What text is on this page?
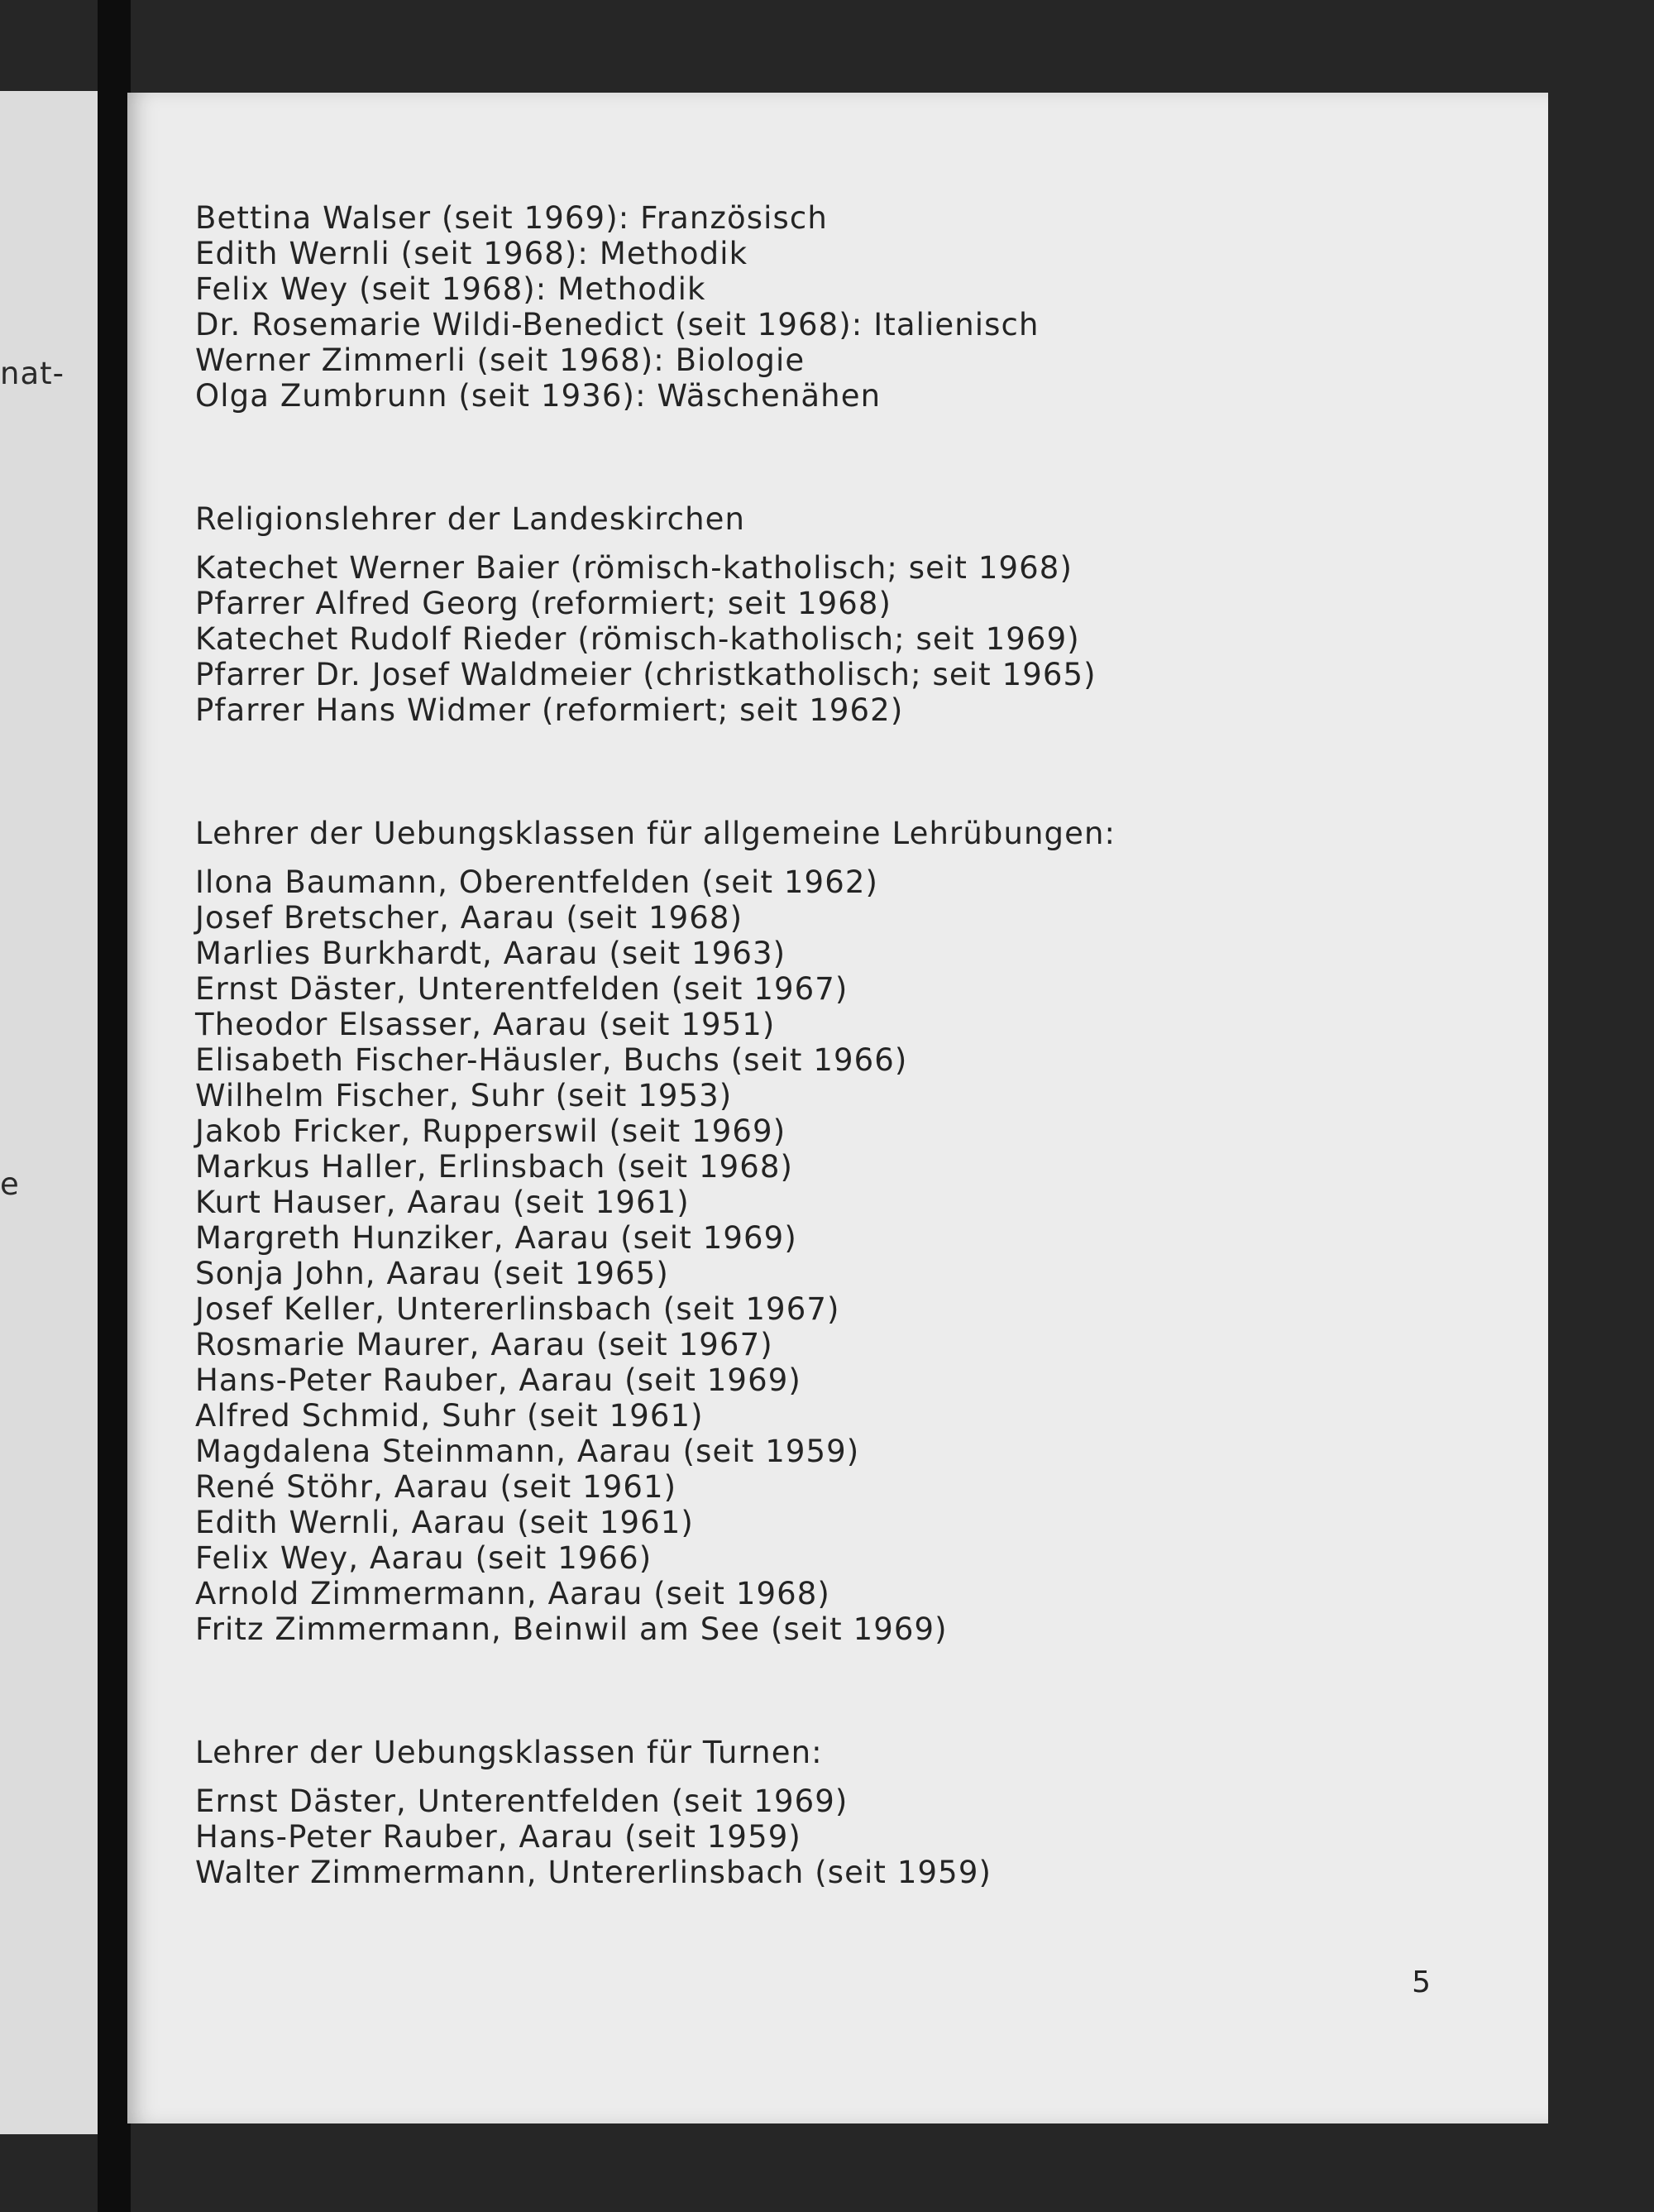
nat-
e
Bettina Walser (seit 1969): Französisch
Edith Wernli (seit 1968): Methodik
Felix Wey (seit 1968): Methodik
Dr. Rosemarie Wildi-Benedict (seit 1968): Italienisch
Werner Zimmerli (seit 1968): Biologie
Olga Zumbrunn (seit 1936): Wäschenähen
Religionslehrer der Landeskirchen
Katechet Werner Baier (römisch-katholisch; seit 1968)
Pfarrer Alfred Georg (reformiert; seit 1968)
Katechet Rudolf Rieder (römisch-katholisch; seit 1969)
Pfarrer Dr. Josef Waldmeier (christkatholisch; seit 1965)
Pfarrer Hans Widmer (reformiert; seit 1962)
Lehrer der Uebungsklassen für allgemeine Lehrübungen:
Ilona Baumann, Oberentfelden (seit 1962)
Josef Bretscher, Aarau (seit 1968)
Marlies Burkhardt, Aarau (seit 1963)
Ernst Däster, Unterentfelden (seit 1967)
Theodor Elsasser, Aarau (seit 1951)
Elisabeth Fischer-Häusler, Buchs (seit 1966)
Wilhelm Fischer, Suhr (seit 1953)
Jakob Fricker, Rupperswil (seit 1969)
Markus Haller, Erlinsbach (seit 1968)
Kurt Hauser, Aarau (seit 1961)
Margreth Hunziker, Aarau (seit 1969)
Sonja John, Aarau (seit 1965)
Josef Keller, Untererlinsbach (seit 1967)
Rosmarie Maurer, Aarau (seit 1967)
Hans-Peter Rauber, Aarau (seit 1969)
Alfred Schmid, Suhr (seit 1961)
Magdalena Steinmann, Aarau (seit 1959)
René Stöhr, Aarau (seit 1961)
Edith Wernli, Aarau (seit 1961)
Felix Wey, Aarau (seit 1966)
Arnold Zimmermann, Aarau (seit 1968)
Fritz Zimmermann, Beinwil am See (seit 1969)
Lehrer der Uebungsklassen für Turnen:
Ernst Däster, Unterentfelden (seit 1969)
Hans-Peter Rauber, Aarau (seit 1959)
Walter Zimmermann, Untererlinsbach (seit 1959)
5
